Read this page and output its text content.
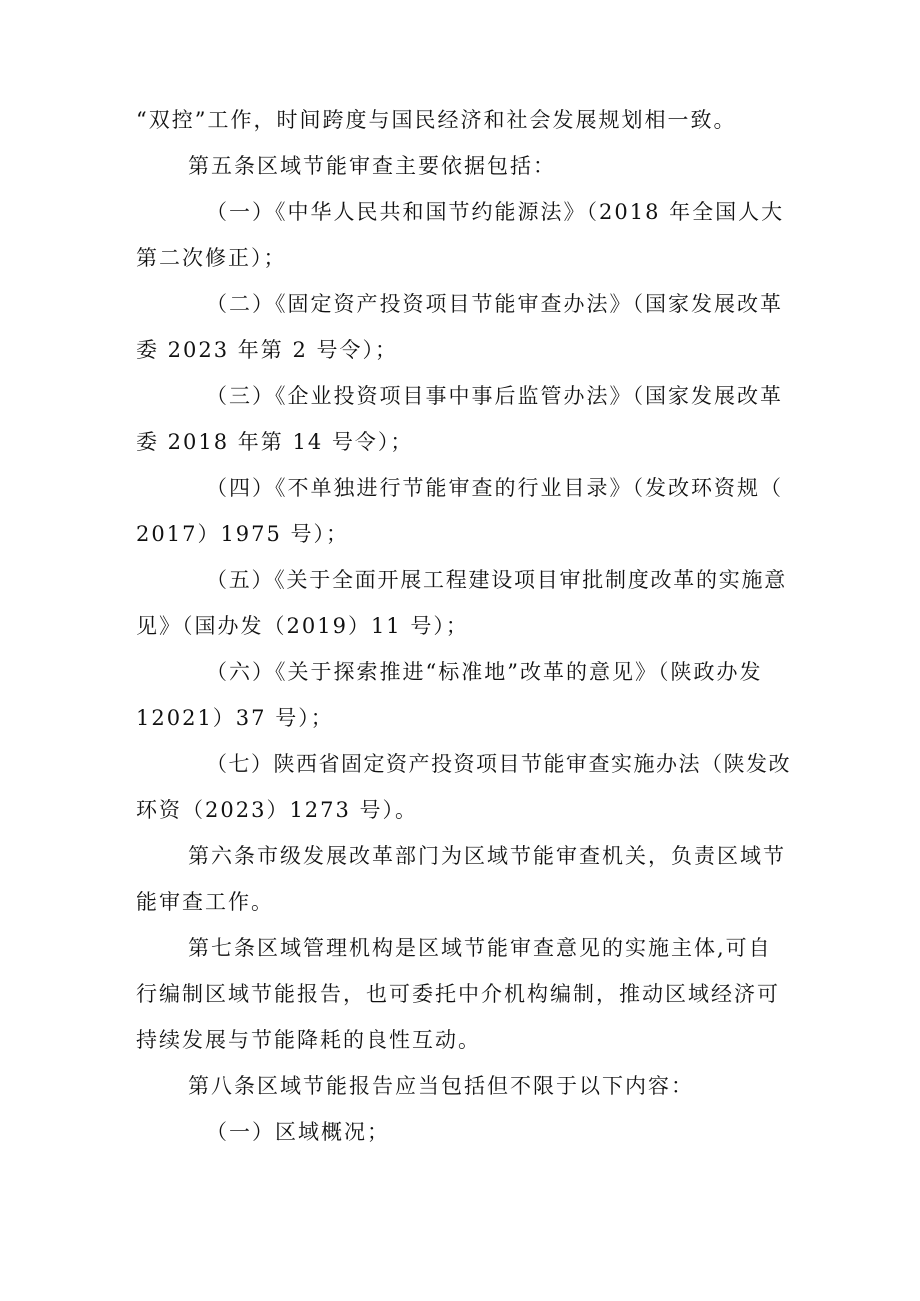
“双控”工作，时间跨度与国民经济和社会发展规划相一致。
第五条区域节能审查主要依据包括：
（一）《中华人民共和国节约能源法》（2018 年全国人大
第二次修正）；
（二）《固定资产投资项目节能审查办法》（国家发展改革
委 2023 年第 2 号令）；
（三）《企业投资项目事中事后监管办法》（国家发展改革
委 2018 年第 14 号令）；
（四）《不单独进行节能审查的行业目录》（发改环资规（
2017）1975 号）；
（五）《关于全面开展工程建设项目审批制度改革的实施意
见》（国办发（2019）11 号）；
（六）《关于探索推进“标准地”改革的意见》（陕政办发
12021）37 号）；
（七）陕西省固定资产投资项目节能审查实施办法（陕发改
环资（2023）1273 号）。
第六条市级发展改革部门为区域节能审查机关，负责区域节
能审查工作。
第七条区域管理机构是区域节能审查意见的实施主体,可自
行编制区域节能报告，也可委托中介机构编制，推动区域经济可
持续发展与节能降耗的良性互动。
第八条区域节能报告应当包括但不限于以下内容：
（一）区域概况；
